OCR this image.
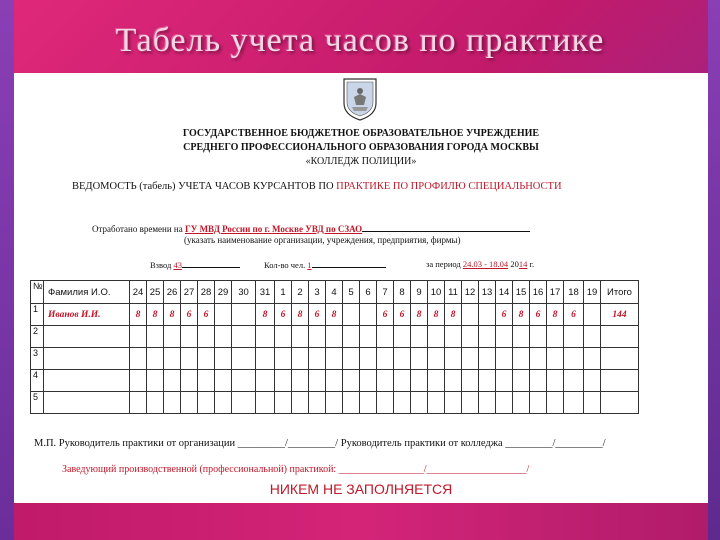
Табель учета часов по практике
ГОСУДАРСТВЕННОЕ БЮДЖЕТНОЕ ОБРАЗОВАТЕЛЬНОЕ УЧРЕЖДЕНИЕ
СРЕДНЕГО ПРОФЕССИОНАЛЬНОГО ОБРАЗОВАНИЯ ГОРОДА МОСКВЫ
«КОЛЛЕДЖ ПОЛИЦИИ»
ВЕДОМОСТЬ (табель) УЧЕТА ЧАСОВ КУРСАНТОВ ПО ПРАКТИКЕ ПО ПРОФИЛЮ СПЕЦИАЛЬНОСТИ
Отработано времени на ГУ МВД России по г. Москве УВД по СЗАО
(указать наименование организации, учреждения, предприятия, фирмы)
Взвод 43	Кол-во чел. 1	за период 24.03 - 18.04 2014 г.
№	Фамилия И.О.	24	25	26	27	28	29	30	31	1	2	3	4	5	6	7	8	9	10	11	12	13	14	15	16	17	18	19	Итого
1	Иванов И.И.	8	8	8	6	6			8	6	8	6	8			6	6	8	8	8			6	8	6	8	6		144
2																													
3																													
4																													
5																													
М.П. Руководитель практики от организации _________/_________/ Руководитель практики от колледжа _________/_________/
Заведующий производственной (профессиональной) практикой: _________________/____________________/
НИКЕМ НЕ ЗАПОЛНЯЕТСЯ
